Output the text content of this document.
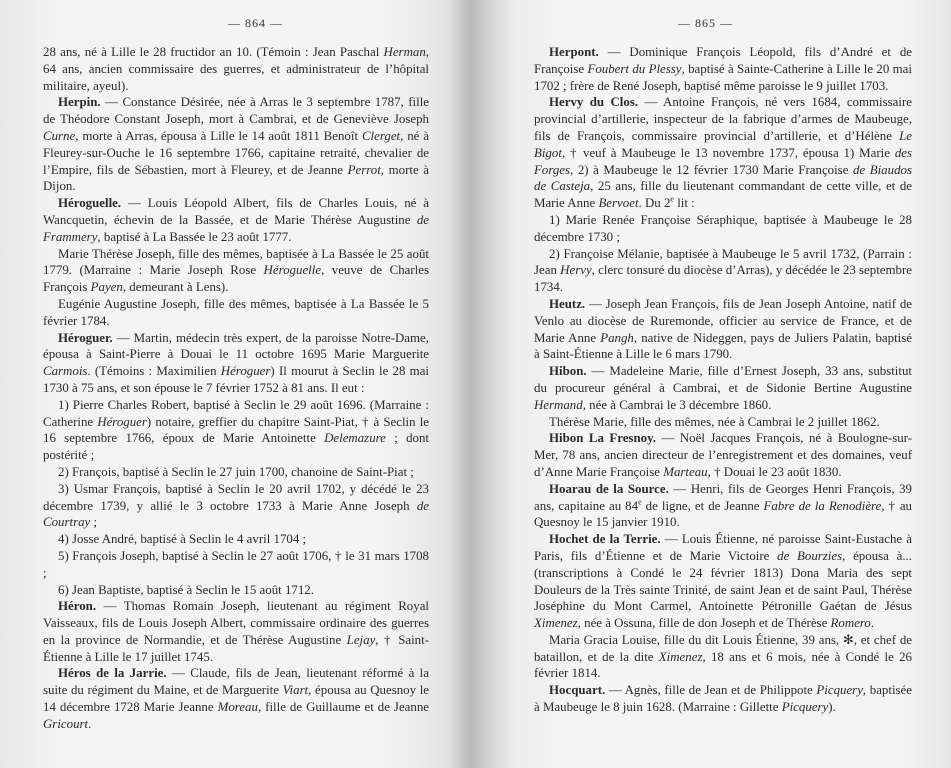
— 864 —

28 ans, né à Lille le 28 fructidor an 10. (Témoin : Jean Paschal Herman, 64 ans, ancien commissaire des guerres, et administrateur de l’hôpital militaire, ayeul).

Herpin. — Constance Désirée, née à Arras le 3 septembre 1787, fille de Théodore Constant Joseph, mort à Cambrai, et de Geneviève Joseph Curne, morte à Arras, épousa à Lille le 14 août 1811 Benoît Clerget, né à Fleurey-sur-Ouche le 16 septembre 1766, capitaine retraité, chevalier de l’Empire, fils de Sébastien, mort à Fleurey, et de Jeanne Perrot, morte à Dijon.

Héroguelle. — Louis Léopold Albert, fils de Charles Louis, né à Wancquetin, échevin de la Bassée, et de Marie Thérèse Augustine de Frammery, baptisé à La Bassée le 23 août 1777.

Marie Thérèse Joseph, fille des mêmes, baptisée à La Bassée le 25 août 1779. (Marraine : Marie Joseph Rose Héroguelle, veuve de Charles François Payen, demeurant à Lens).

Eugénie Augustine Joseph, fille des mêmes, baptisée à La Bassée le 5 février 1784.

Héroguer. — Martin, médecin très expert, de la paroisse Notre-Dame, épousa à Saint-Pierre à Douai le 11 octobre 1695 Marie Marguerite Carmois. (Témoins : Maximilien Héroguer) Il mourut à Seclin le 28 mai 1730 à 75 ans, et son épouse le 7 février 1752 à 81 ans. Il eut :

1) Pierre Charles Robert, baptisé à Seclin le 29 août 1696. (Marraine : Catherine Héroguer) notaire, greffier du chapitre Saint-Piat, † à Seclin le 16 septembre 1766, époux de Marie Antoinette Delemazure ; dont postérité ;

2) François, baptisé à Seclin le 27 juin 1700, chanoine de Saint-Piat ;

3) Usmar François, baptisé à Seclin le 20 avril 1702, y décédé le 23 décembre 1739, y allié le 3 octobre 1733 à Marie Anne Joseph de Courtray ;

4) Josse André, baptisé à Seclin le 4 avril 1704 ;

5) François Joseph, baptisé à Seclin le 27 août 1706, † le 31 mars 1708 ;

6) Jean Baptiste, baptisé à Seclin le 15 août 1712.

Héron. — Thomas Romain Joseph, lieutenant au régiment Royal Vaisseaux, fils de Louis Joseph Albert, commissaire ordinaire des guerres en la province de Normandie, et de Thérèse Augustine Lejay, † Saint-Étienne à Lille le 17 juillet 1745.

Héros de la Jarrie. — Claude, fils de Jean, lieutenant réformé à la suite du régiment du Maine, et de Marguerite Viart, épousa au Quesnoy le 14 décembre 1728 Marie Jeanne Moreau, fille de Guillaume et de Jeanne Gricourt.

— 865 —

Herpont. — Dominique François Léopold, fils d’André et de Françoise Foubert du Plessy, baptisé à Sainte-Catherine à Lille le 20 mai 1702 ; frère de René Joseph, baptisé même paroisse le 9 juillet 1703.

Hervy du Clos. — Antoine François, né vers 1684, commissaire provincial d’artillerie, inspecteur de la fabrique d’armes de Maubeuge, fils de François, commissaire provincial d’artillerie, et d’Hélène Le Bigot, † veuf à Maubeuge le 13 novembre 1737, épousa 1) Marie des Forges, 2) à Maubeuge le 12 février 1730 Marie Françoise de Biaudos de Casteja, 25 ans, fille du lieutenant commandant de cette ville, et de Marie Anne Bervoet. Du 2e lit :

1) Marie Renée Françoise Séraphique, baptisée à Maubeuge le 28 décembre 1730 ;

2) Françoise Mélanie, baptisée à Maubeuge le 5 avril 1732, (Parrain : Jean Hervy, clerc tonsuré du diocèse d’Arras), y décédée le 23 septembre 1734.

Heutz. — Joseph Jean François, fils de Jean Joseph Antoine, natif de Venlo au diocèse de Ruremonde, officier au service de France, et de Marie Anne Pangh, native de Nideggen, pays de Juliers Palatin, baptisé à Saint-Étienne à Lille le 6 mars 1790.

Hibon. — Madeleine Marie, fille d’Ernest Joseph, 33 ans, substitut du procureur général à Cambrai, et de Sidonie Bertine Augustine Hermand, née à Cambrai le 3 décembre 1860.

Thérèse Marie, fille des mêmes, née à Cambrai le 2 juillet 1862.

Hibon La Fresnoy. — Noël Jacques François, né à Boulogne-sur-Mer, 78 ans, ancien directeur de l’enregistrement et des domaines, veuf d’Anne Marie Françoise Marteau, † Douai le 23 août 1830.

Hoarau de la Source. — Henri, fils de Georges Henri François, 39 ans, capitaine au 84e de ligne, et de Jeanne Fabre de la Renodière, † au Quesnoy le 15 janvier 1910.

Hochet de la Terrie. — Louis Étienne, né paroisse Saint-Eustache à Paris, fils d’Étienne et de Marie Victoire de Bourzies, épousa à... (transcriptions à Condé le 24 février 1813) Dona Maria des sept Douleurs de la Très sainte Trinité, de saint Jean et de saint Paul, Thérèse Joséphine du Mont Carmel, Antoinette Pétronille Gaétan de Jésus Ximenez, née à Ossuna, fille de don Joseph et de Thérèse Romero.

Maria Gracia Louise, fille du dit Louis Étienne, 39 ans, ✻, et chef de bataillon, et de la dite Ximenez, 18 ans et 6 mois, née à Condé le 26 février 1814.

Hocquart. — Agnès, fille de Jean et de Philippote Picquery, baptisée à Maubeuge le 8 juin 1628. (Marraine : Gillette Picquery).
